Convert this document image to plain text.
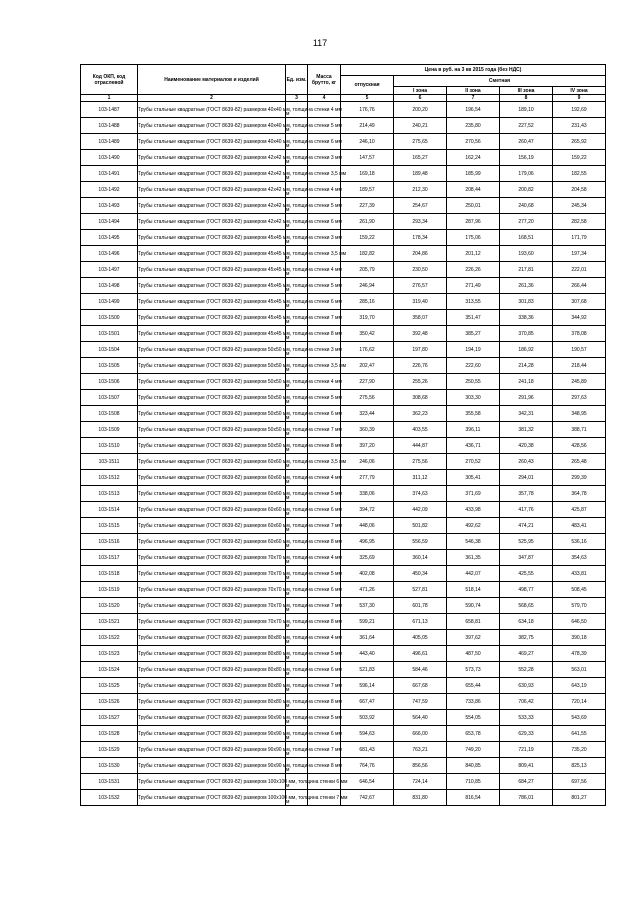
117
Код ОКП, код отраслевой	Наименование материалов и изделий	Ед. изм.	Масса брутто, кг	Цена в руб. на 3 кв 2015 года (без НДС)				
				отпускная	Сметная			
					I зона	II зона	III зона	IV зона
1	2	3	4	5	6	7	8	9
103-1487	Трубы стальные квадратные (ГОСТ 8639-82) размером 40х40 мм, толщина стенки 4 мм	м		176,76	200,20	196,54	189,10	192,69
103-1488	Трубы стальные квадратные (ГОСТ 8639-82) размером 40х40 мм, толщина стенки 5 мм	м		214,49	240,21	235,80	227,52	231,43
103-1489	Трубы стальные квадратные (ГОСТ 8639-82) размером 40х40 мм, толщина стенки 6 мм	м		246,10	275,65	270,56	260,47	265,92
103-1490	Трубы стальные квадратные (ГОСТ 8639-82) размером 42х42 мм, толщина стенки 3 мм	м		147,57	165,27	162,24	156,19	159,22
103-1491	Трубы стальные квадратные (ГОСТ 8639-82) размером 42х42 мм, толщина стенки 3,5 мм	м		169,18	189,48	185,99	179,06	182,55
103-1492	Трубы стальные квадратные (ГОСТ 8639-82) размером 42х42 мм, толщина стенки 4 мм	м		189,57	212,30	208,44	200,82	204,58
103-1493	Трубы стальные квадратные (ГОСТ 8639-82) размером 42х42 мм, толщина стенки 5 мм	м		227,39	254,67	250,01	240,68	245,34
103-1494	Трубы стальные квадратные (ГОСТ 8639-82) размером 42х42 мм, толщина стенки 6 мм	м		261,90	293,34	287,96	277,20	282,58
103-1495	Трубы стальные квадратные (ГОСТ 8639-82) размером 45х45 мм, толщина стенки 3 мм	м		159,22	178,34	175,06	168,51	171,79
103-1496	Трубы стальные квадратные (ГОСТ 8639-82) размером 45х45 мм, толщина стенки 3,5 мм	м		182,82	204,86	201,12	193,60	197,34
103-1497	Трубы стальные квадратные (ГОСТ 8639-82) размером 45х45 мм, толщина стенки 4 мм	м		205,79	230,50	226,26	217,81	222,01
103-1498	Трубы стальные квадратные (ГОСТ 8639-82) размером 45х45 мм, толщина стенки 5 мм	м		246,94	276,57	271,49	261,36	266,44
103-1499	Трубы стальные квадратные (ГОСТ 8639-82) размером 45х45 мм, толщина стенки 6 мм	м		285,16	319,40	313,55	301,83	307,68
103-1500	Трубы стальные квадратные (ГОСТ 8639-82) размером 45х45 мм, толщина стенки 7 мм	м		319,70	358,07	351,47	338,36	344,92
103-1501	Трубы стальные квадратные (ГОСТ 8639-82) размером 45х45 мм, толщина стенки 8 мм	м		350,42	392,48	385,27	370,85	378,08
103-1504	Трубы стальные квадратные (ГОСТ 8639-82) размером 50х50 мм, толщина стенки 3 мм	м		176,62	197,80	194,19	186,92	190,57
103-1505	Трубы стальные квадратные (ГОСТ 8639-82) размером 50х50 мм, толщина стенки 3,5 мм	м		202,47	226,76	222,60	214,28	218,44
103-1506	Трубы стальные квадратные (ГОСТ 8639-82) размером 50х50 мм, толщина стенки 4 мм	м		227,90	255,26	250,55	241,18	245,89
103-1507	Трубы стальные квадратные (ГОСТ 8639-82) размером 50х50 мм, толщина стенки 5 мм	м		275,56	308,68	303,30	291,96	297,63
103-1508	Трубы стальные квадратные (ГОСТ 8639-82) размером 50х50 мм, толщина стенки 6 мм	м		323,44	362,23	355,58	342,31	348,95
103-1509	Трубы стальные квадратные (ГОСТ 8639-82) размером 50х50 мм, толщина стенки 7 мм	м		360,39	403,55	396,11	381,32	388,71
103-1510	Трубы стальные квадратные (ГОСТ 8639-82) размером 50х50 мм, толщина стенки 8 мм	м		397,20	444,87	436,71	420,38	428,56
103-1511	Трубы стальные квадратные (ГОСТ 8639-82) размером 60х60 мм, толщина стенки 3,5 мм	м		246,06	275,56	270,52	260,43	265,48
103-1512	Трубы стальные квадратные (ГОСТ 8639-82) размером 60х60 мм, толщина стенки 4 мм	м		277,79	311,12	305,41	294,01	299,39
103-1513	Трубы стальные квадратные (ГОСТ 8639-82) размером 60х60 мм, толщина стенки 5 мм	м		338,06	374,63	371,69	357,78	364,78
103-1514	Трубы стальные квадратные (ГОСТ 8639-82) размером 60х60 мм, толщина стенки 6 мм	м		394,72	442,09	433,98	417,76	425,87
103-1515	Трубы стальные квадратные (ГОСТ 8639-82) размером 60х60 мм, толщина стенки 7 мм	м		448,06	501,82	492,62	474,21	483,41
103-1516	Трубы стальные квадратные (ГОСТ 8639-82) размером 60х60 мм, толщина стенки 8 мм	м		496,95	556,59	546,38	525,95	536,16
103-1517	Трубы стальные квадратные (ГОСТ 8639-82) размером 70х70 мм, толщина стенки 4 мм	м		325,69	360,14	361,35	347,87	354,63
103-1518	Трубы стальные квадратные (ГОСТ 8639-82) размером 70х70 мм, толщина стенки 5 мм	м		402,08	450,34	442,07	425,55	433,81
103-1519	Трубы стальные квадратные (ГОСТ 8639-82) размером 70х70 мм, толщина стенки 6 мм	м		471,26	527,81	518,14	498,77	508,45
103-1520	Трубы стальные квадратные (ГОСТ 8639-82) размером 70х70 мм, толщина стенки 7 мм	м		537,30	601,78	590,74	568,65	579,70
103-1521	Трубы стальные квадратные (ГОСТ 8639-82) размером 70х70 мм, толщина стенки 8 мм	м		599,21	671,13	658,81	634,18	646,50
103-1522	Трубы стальные квадратные (ГОСТ 8639-82) размером 80х80 мм, толщина стенки 4 мм	м		361,64	405,05	397,62	382,75	390,18
103-1523	Трубы стальные квадратные (ГОСТ 8639-82) размером 80х80 мм, толщина стенки 5 мм	м		443,40	496,61	487,50	469,27	478,39
103-1524	Трубы стальные квадратные (ГОСТ 8639-82) размером 80х80 мм, толщина стенки 6 мм	м		521,83	584,46	573,73	552,28	563,01
103-1525	Трубы стальные квадратные (ГОСТ 8639-82) размером 80х80 мм, толщина стенки 7 мм	м		596,14	667,68	655,44	630,93	643,19
103-1526	Трубы стальные квадратные (ГОСТ 8639-82) размером 80х80 мм, толщина стенки 8 мм	м		667,47	747,59	733,86	706,42	720,14
103-1527	Трубы стальные квадратные (ГОСТ 8639-82) размером 90х90 мм, толщина стенки 5 мм	м		503,92	564,40	554,05	533,33	543,69
103-1528	Трубы стальные квадратные (ГОСТ 8639-82) размером 90х90 мм, толщина стенки 6 мм	м		594,63	666,00	653,78	629,33	641,55
103-1529	Трубы стальные квадратные (ГОСТ 8639-82) размером 90х90 мм, толщина стенки 7 мм	м		681,43	763,21	749,20	721,19	735,20
103-1530	Трубы стальные квадратные (ГОСТ 8639-82) размером 90х90 мм, толщина стенки 8 мм	м		764,76	856,56	840,85	809,41	825,13
103-1531	Трубы стальные квадратные (ГОСТ 8639-82) размером 100х100 мм, толщина стенки 6 мм	м		646,54	724,14	710,85	684,27	697,56
103-1532	Трубы стальные квадратные (ГОСТ 8639-82) размером 100х100 мм, толщина стенки 7 мм	м		742,67	831,80	816,54	786,01	801,27
